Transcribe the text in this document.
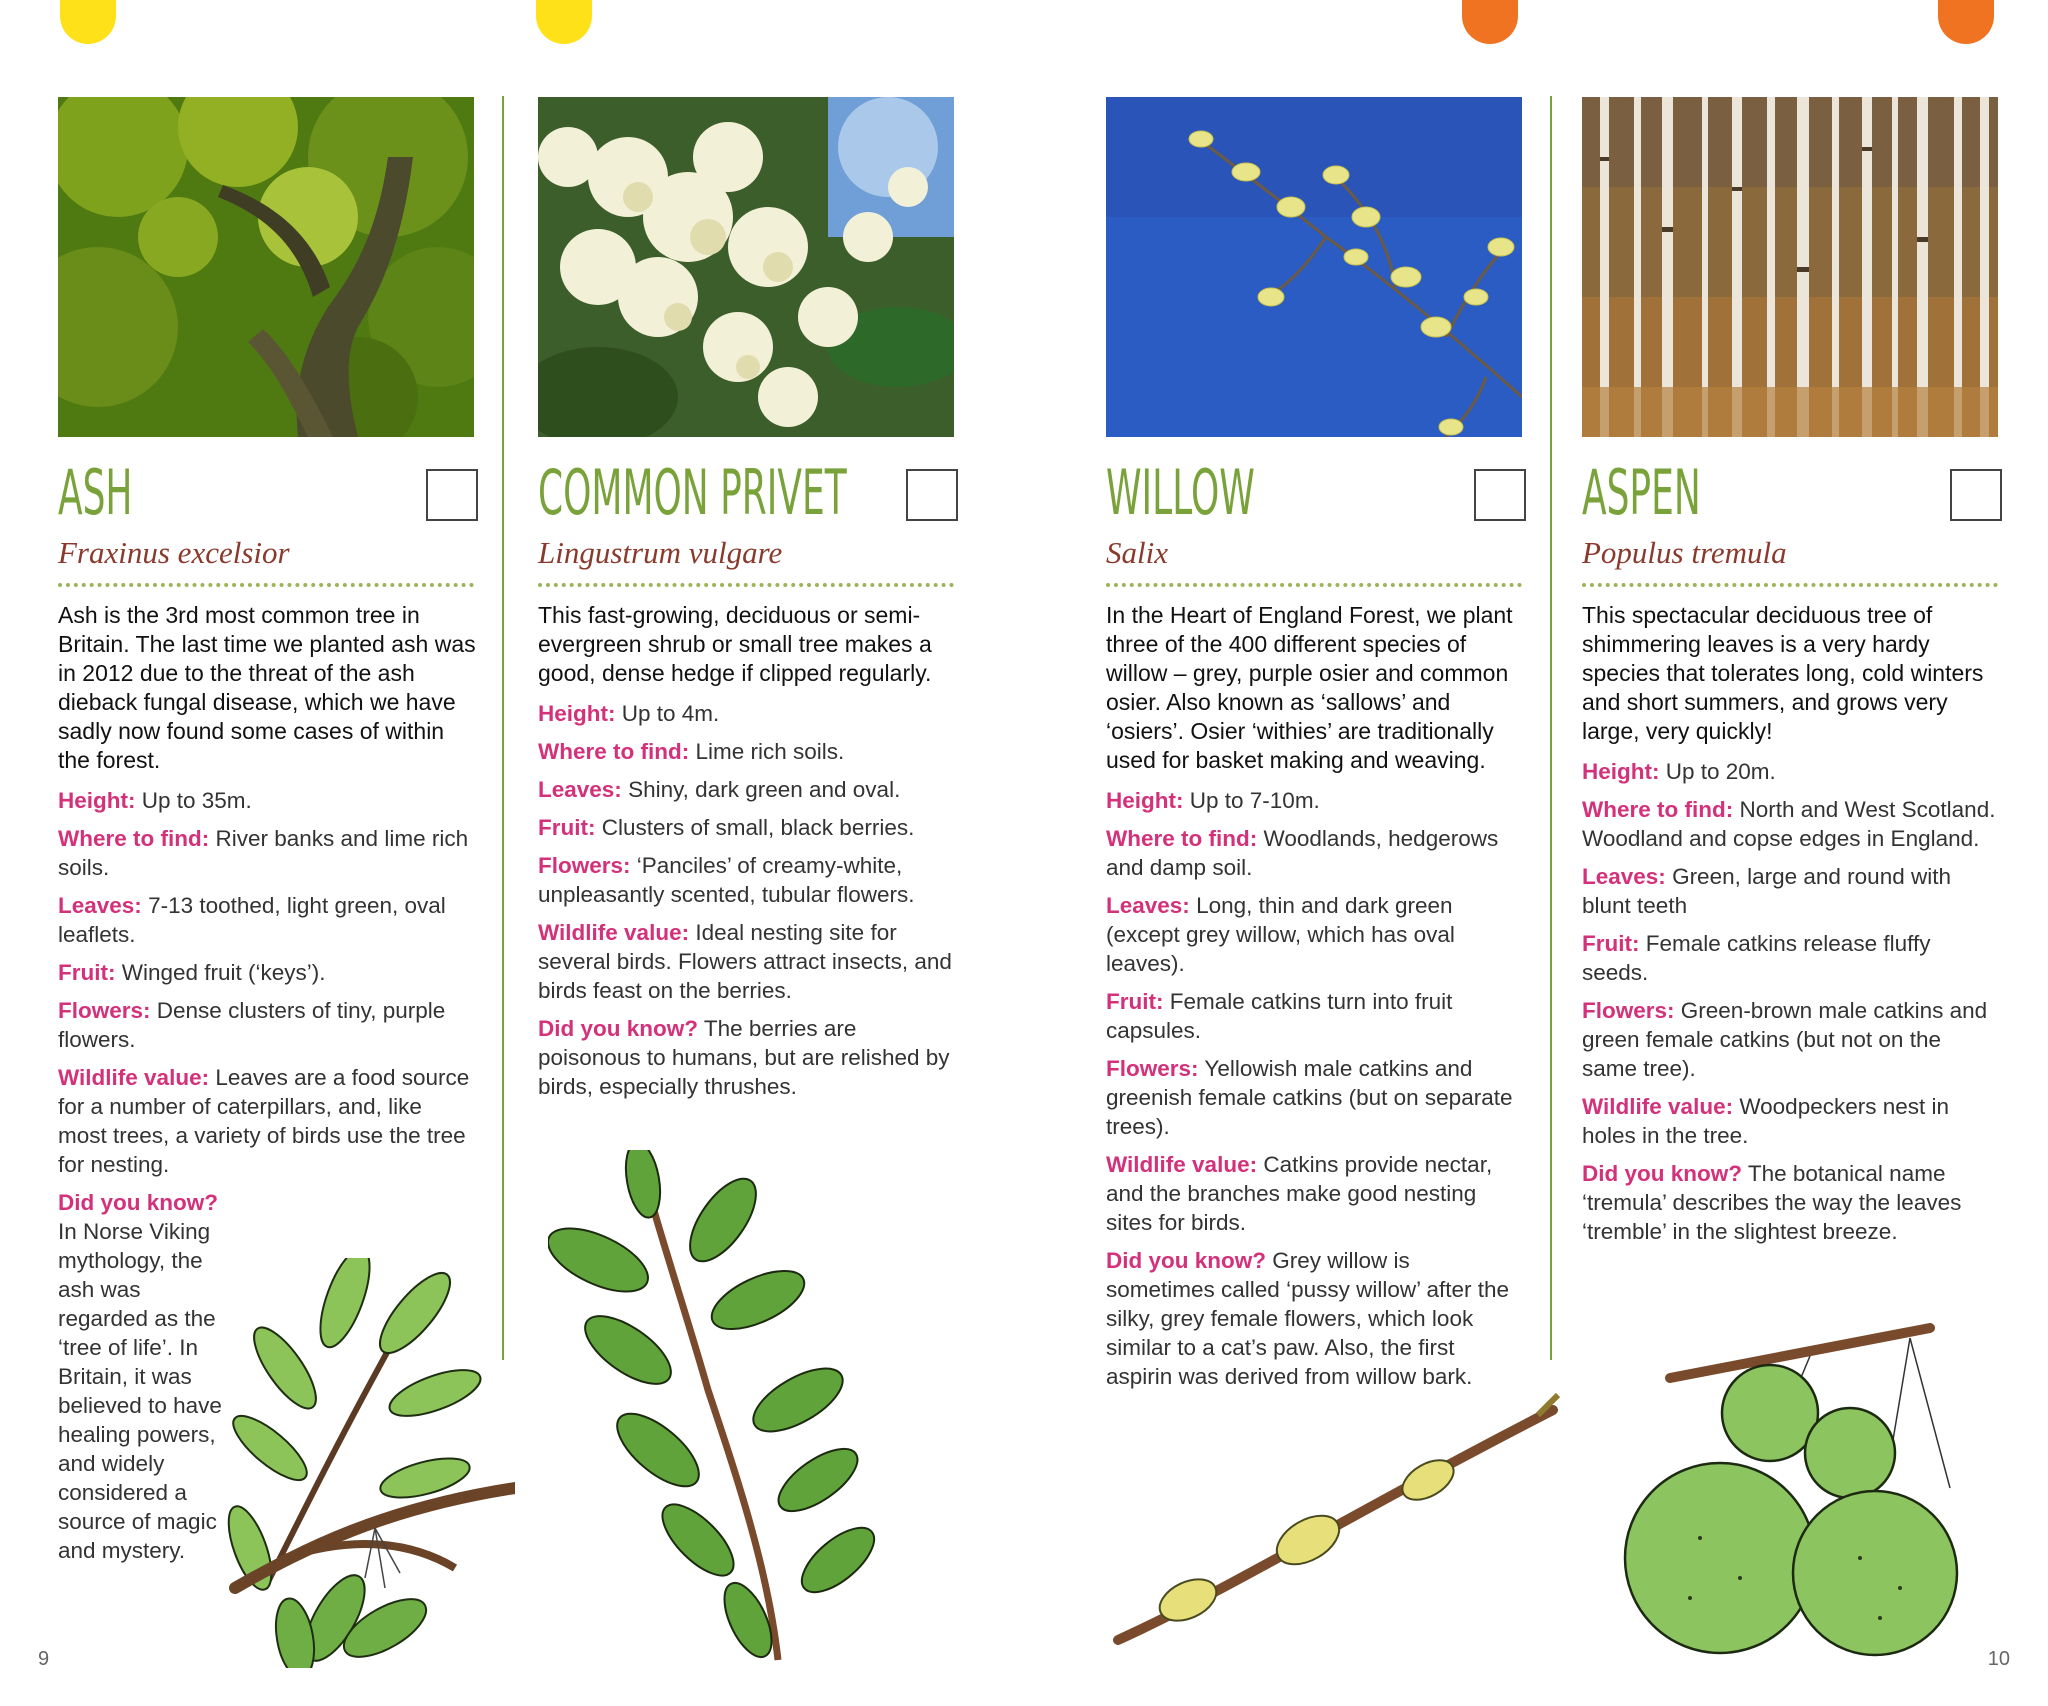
ASH

Fraxinus excelsior

Ash is the 3rd most common tree in Britain. The last time we planted ash was in 2012 due to the threat of the ash dieback fungal disease, which we have sadly now found some cases of within the forest.

Height: Up to 35m.

Where to find: River banks and lime rich soils.

Leaves: 7-13 toothed, light green, oval leaflets.

Fruit: Winged fruit (‘keys’).

Flowers: Dense clusters of tiny, purple flowers.

Wildlife value: Leaves are a food source for a number of caterpillars, and, like most trees, a variety of birds use the tree for nesting.

Did you know? In Norse Viking mythology, the ash was regarded as the ‘tree of life’. In Britain, it was believed to have healing powers, and widely considered a source of magic and mystery.

COMMON PRIVET

Lingustrum vulgare

This fast-growing, deciduous or semi-evergreen shrub or small tree makes a good, dense hedge if clipped regularly.

Height: Up to 4m.

Where to find: Lime rich soils.

Leaves: Shiny, dark green and oval.

Fruit: Clusters of small, black berries.

Flowers: ‘Panciles’ of creamy-white, unpleasantly scented, tubular flowers.

Wildlife value: Ideal nesting site for several birds. Flowers attract insects, and birds feast on the berries.

Did you know? The berries are poisonous to humans, but are relished by birds, especially thrushes.

WILLOW

Salix

In the Heart of England Forest, we plant three of the 400 different species of willow – grey, purple osier and common osier. Also known as ‘sallows’ and ‘osiers’. Osier ‘withies’ are traditionally used for basket making and weaving.

Height: Up to 7-10m.

Where to find: Woodlands, hedgerows and damp soil.

Leaves: Long, thin and dark green (except grey willow, which has oval leaves).

Fruit: Female catkins turn into fruit capsules.

Flowers: Yellowish male catkins and greenish female catkins (but on separate trees).

Wildlife value: Catkins provide nectar, and the branches make good nesting sites for birds.

Did you know? Grey willow is sometimes called ‘pussy willow’ after the silky, grey female flowers, which look similar to a cat’s paw. Also, the first aspirin was derived from willow bark.

ASPEN

Populus tremula

This spectacular deciduous tree of shimmering leaves is a very hardy species that tolerates long, cold winters and short summers, and grows very large, very quickly!

Height: Up to 20m.

Where to find: North and West Scotland. Woodland and copse edges in England.

Leaves: Green, large and round with blunt teeth

Fruit: Female catkins release fluffy seeds.

Flowers: Green-brown male catkins and green female catkins (but not on the same tree).

Wildlife value: Woodpeckers nest in holes in the tree.

Did you know? The botanical name ‘tremula’ describes the way the leaves ‘tremble’ in the slightest breeze.

9	10
